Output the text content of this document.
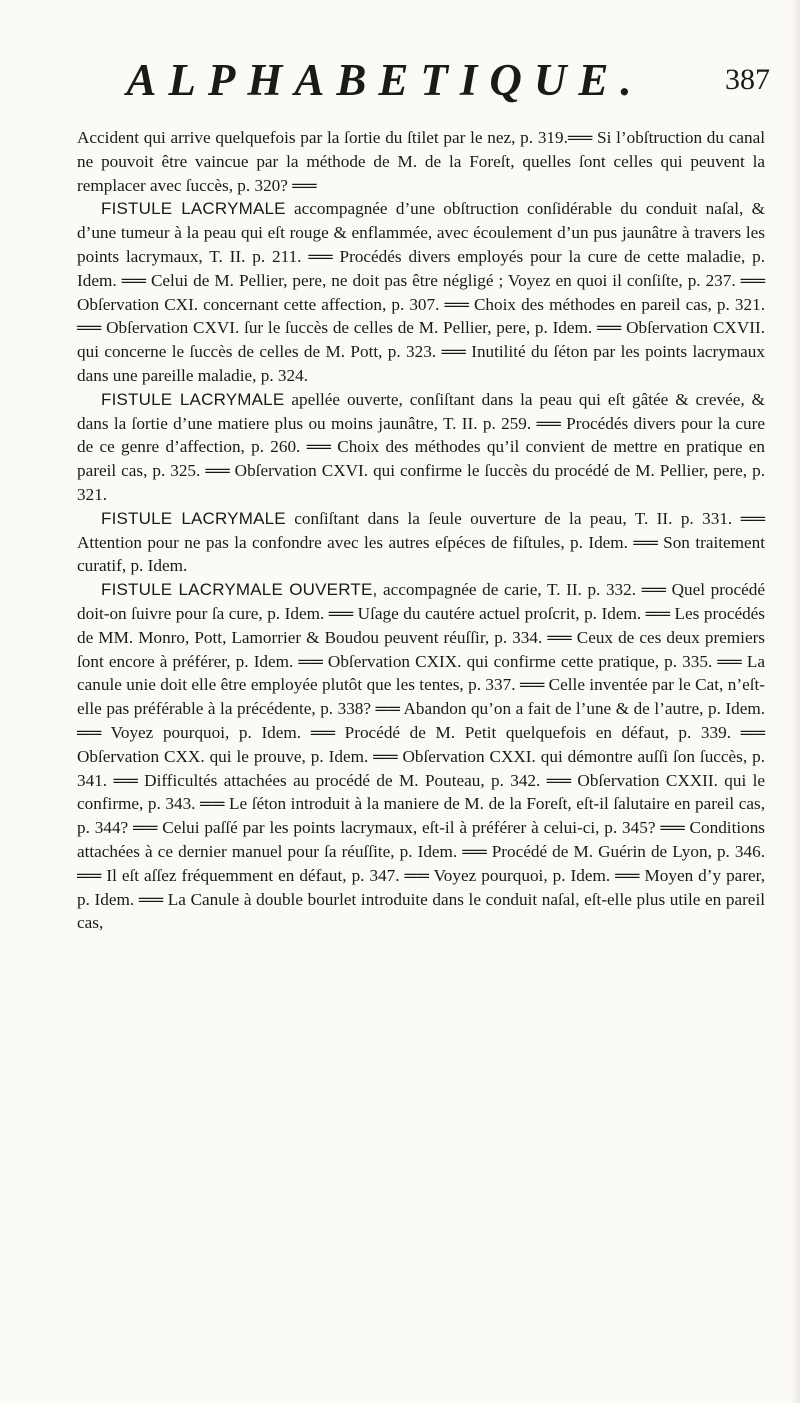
ALPHABETIQUE.	387

Accident qui arrive quelquefois par la ſortie du ſtilet par le nez, p. 319.══ Si l’obſtruction du canal ne pouvoit être vaincue par la méthode de M. de la Foreſt, quelles ſont celles qui peuvent la remplacer avec ſuccès, p. 320? ══

FISTULE LACRYMALE accompagnée d’une obſtruction conſidérable du conduit naſal, & d’une tumeur à la peau qui eſt rouge & enflammée, avec écoulement d’un pus jaunâtre à travers les points lacrymaux, T. II. p. 211. ══ Procédés divers employés pour la cure de cette maladie, p. Idem. ══ Celui de M. Pellier, pere, ne doit pas être négligé ; Voyez en quoi il conſiſte, p. 237. ══ Obſervation CXI. concernant cette affection, p. 307. ══ Choix des méthodes en pareil cas, p. 321. ══ Obſervation CXVI. ſur le ſuccès de celles de M. Pellier, pere, p. Idem. ══ Obſervation CXVII. qui concerne le ſuccès de celles de M. Pott, p. 323. ══ Inutilité du ſéton par les points lacrymaux dans une pareille maladie, p. 324.

FISTULE LACRYMALE apellée ouverte, conſiſtant dans la peau qui eſt gâtée & crevée, & dans la ſortie d’une matiere plus ou moins jaunâtre, T. II. p. 259. ══ Procédés divers pour la cure de ce genre d’affection, p. 260. ══ Choix des méthodes qu’il convient de mettre en pratique en pareil cas, p. 325. ══ Obſervation CXVI. qui confirme le ſuccès du procédé de M. Pellier, pere, p. 321.

FISTULE LACRYMALE conſiſtant dans la ſeule ouverture de la peau, T. II. p. 331. ══ Attention pour ne pas la confondre avec les autres eſpéces de fiſtules, p. Idem. ══ Son traitement curatif, p. Idem.

FISTULE LACRYMALE OUVERTE, accompagnée de carie, T. II. p. 332. ══ Quel procédé doit-on ſuivre pour ſa cure, p. Idem. ══ Uſage du cautére actuel proſcrit, p. Idem. ══ Les procédés de MM. Monro, Pott, Lamorrier & Boudou peuvent réuſſir, p. 334. ══ Ceux de ces deux premiers ſont encore à préférer, p. Idem. ══ Obſervation CXIX. qui confirme cette pratique, p. 335. ══ La canule unie doit elle être employée plutôt que les tentes, p. 337. ══ Celle inventée par le Cat, n’eſt-elle pas préférable à la précédente, p. 338? ══ Abandon qu’on a fait de l’une & de l’autre, p. Idem. ══ Voyez pourquoi, p. Idem. ══ Procédé de M. Petit quelquefois en défaut, p. 339. ══ Obſervation CXX. qui le prouve, p. Idem. ══ Obſervation CXXI. qui démontre auſſi ſon ſuccès, p. 341. ══ Difficultés attachées au procédé de M. Pouteau, p. 342. ══ Obſervation CXXII. qui le confirme, p. 343. ══ Le ſéton introduit à la maniere de M. de la Foreſt, eſt-il ſalutaire en pareil cas, p. 344? ══ Celui paſſé par les points lacrymaux, eſt-il à préférer à celui-ci, p. 345? ══ Conditions attachées à ce dernier manuel pour ſa réuſſite, p. Idem. ══ Procédé de M. Guérin de Lyon, p. 346. ══ Il eſt aſſez fréquemment en défaut, p. 347. ══ Voyez pourquoi, p. Idem. ══ Moyen d’y parer, p. Idem. ══ La Canule à double bourlet introduite dans le conduit naſal, eſt-elle plus utile en pareil cas,
